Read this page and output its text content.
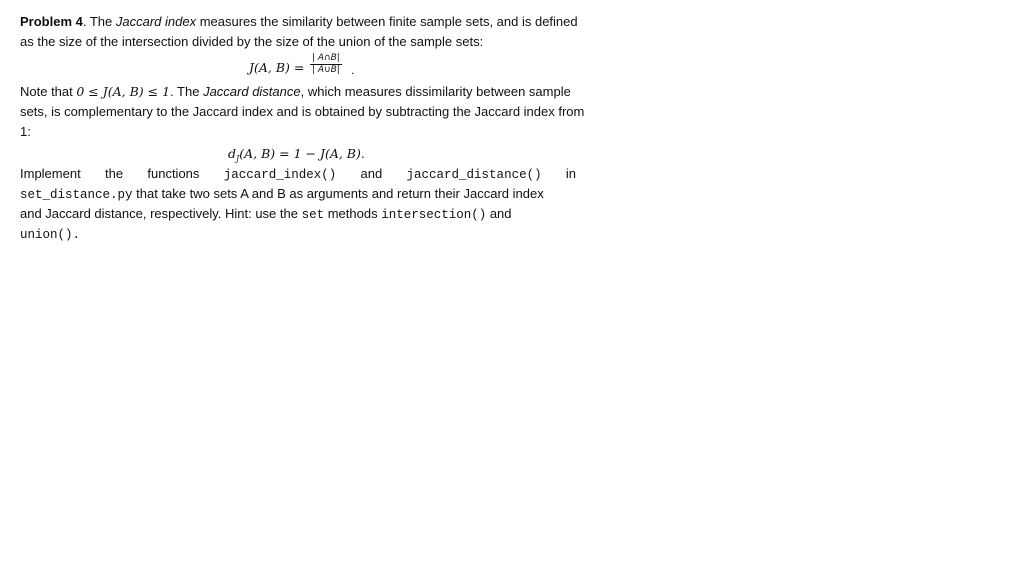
Problem 4. The Jaccard index measures the similarity between finite sample sets, and is defined
as the size of the intersection divided by the size of the union of the sample sets:
J(A, B) =
| A∩B|
| A∪B| .
Note that 0 ≤ J(A, B) ≤ 1. The Jaccard distance, which measures dissimilarity between sample
sets, is complementary to the Jaccard index and is obtained by subtracting the Jaccard index from
1:
$d_J(A$, B) = 1 − J(A, B).
Implement the functions jaccard_index() and jaccard_distance() in
set_distance.py that take two sets A and B as arguments and return their Jaccard index
and Jaccard distance, respectively. Hint: use the set methods intersection() and
union().
